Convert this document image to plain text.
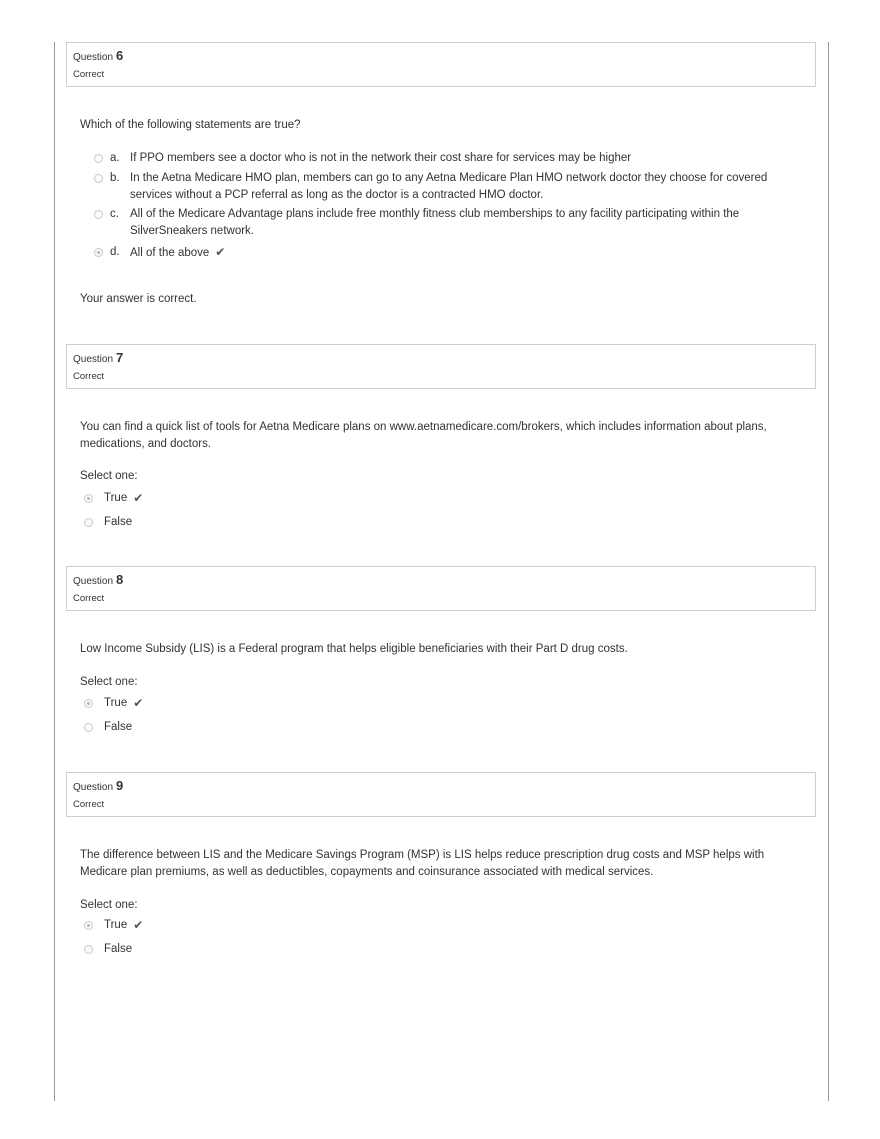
Question 6
Correct
Which of the following statements are true?
a. If PPO members see a doctor who is not in the network their cost share for services may be higher
b. In the Aetna Medicare HMO plan, members can go to any Aetna Medicare Plan HMO network doctor they choose for covered services without a PCP referral as long as the doctor is a contracted HMO doctor.
c. All of the Medicare Advantage plans include free monthly fitness club memberships to any facility participating within the SilverSneakers network.
d. All of the above ✔
Your answer is correct.
Question 7
Correct
You can find a quick list of tools for Aetna Medicare plans on www.aetnamedicare.com/brokers, which includes information about plans, medications, and doctors.
Select one:
True ✔
False
Question 8
Correct
Low Income Subsidy (LIS) is a Federal program that helps eligible beneficiaries with their Part D drug costs.
Select one:
True ✔
False
Question 9
Correct
The difference between LIS and the Medicare Savings Program (MSP) is LIS helps reduce prescription drug costs and MSP helps with Medicare plan premiums, as well as deductibles, copayments and coinsurance associated with medical services.
Select one:
True ✔
False
